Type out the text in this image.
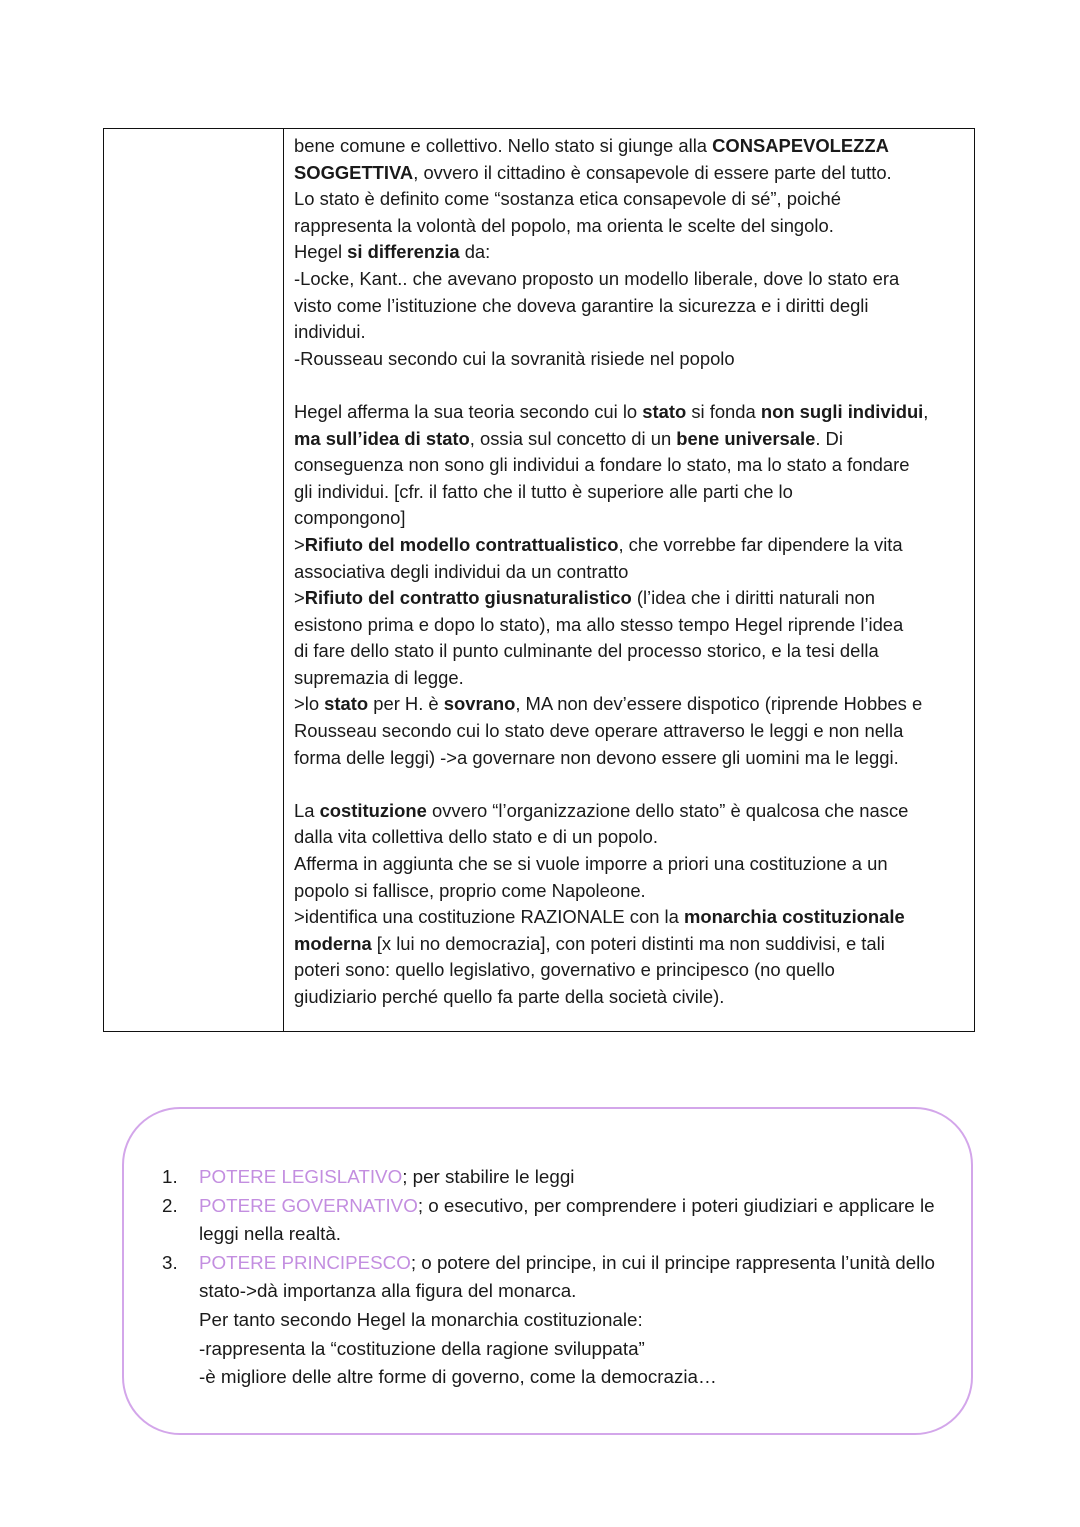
bene comune e collettivo. Nello stato si giunge alla CONSAPEVOLEZZA
SOGGETTIVA, ovvero il cittadino è consapevole di essere parte del tutto.
Lo stato è definito come “sostanza etica consapevole di sé”, poiché
rappresenta la volontà del popolo, ma orienta le scelte del singolo.
Hegel si differenzia da:
-Locke, Kant.. che avevano proposto un modello liberale, dove lo stato era
visto come l’istituzione che doveva garantire la sicurezza e i diritti degli
individui.
-Rousseau secondo cui la sovranità risiede nel popolo
Hegel afferma la sua teoria secondo cui lo stato si fonda non sugli individui,
ma sull’idea di stato, ossia sul concetto di un bene universale. Di
conseguenza non sono gli individui a fondare lo stato, ma lo stato a fondare
gli individui. [cfr. il fatto che il tutto è superiore alle parti che lo
compongono]
>Rifiuto del modello contrattualistico, che vorrebbe far dipendere la vita
associativa degli individui da un contratto
>Rifiuto del contratto giusnaturalistico (l’idea che i diritti naturali non
esistono prima e dopo lo stato), ma allo stesso tempo Hegel riprende l’idea
di fare dello stato il punto culminante del processo storico, e la tesi della
supremazia di legge.
>lo stato per H. è sovrano, MA non dev’essere dispotico (riprende Hobbes e
Rousseau secondo cui lo stato deve operare attraverso le leggi e non nella
forma delle leggi) ->a governare non devono essere gli uomini ma le leggi.
La costituzione ovvero “l’organizzazione dello stato” è qualcosa che nasce
dalla vita collettiva dello stato e di un popolo.
Afferma in aggiunta che se si vuole imporre a priori una costituzione a un
popolo si fallisce, proprio come Napoleone.
>identifica una costituzione RAZIONALE con la monarchia costituzionale
moderna [x lui no democrazia], con poteri distinti ma non suddivisi, e tali
poteri sono: quello legislativo, governativo e principesco (no quello
giudiziario perché quello fa parte della società civile).
1.	POTERE LEGISLATIVO; per stabilire le leggi
2.	POTERE GOVERNATIVO; o esecutivo, per comprendere i poteri giudiziari e applicare le
leggi nella realtà.
3.	POTERE PRINCIPESCO; o potere del principe, in cui il principe rappresenta l’unità dello
stato->dà importanza alla figura del monarca.
Per tanto secondo Hegel la monarchia costituzionale:
-rappresenta la “costituzione della ragione sviluppata”
-è migliore delle altre forme di governo, come la democrazia…
